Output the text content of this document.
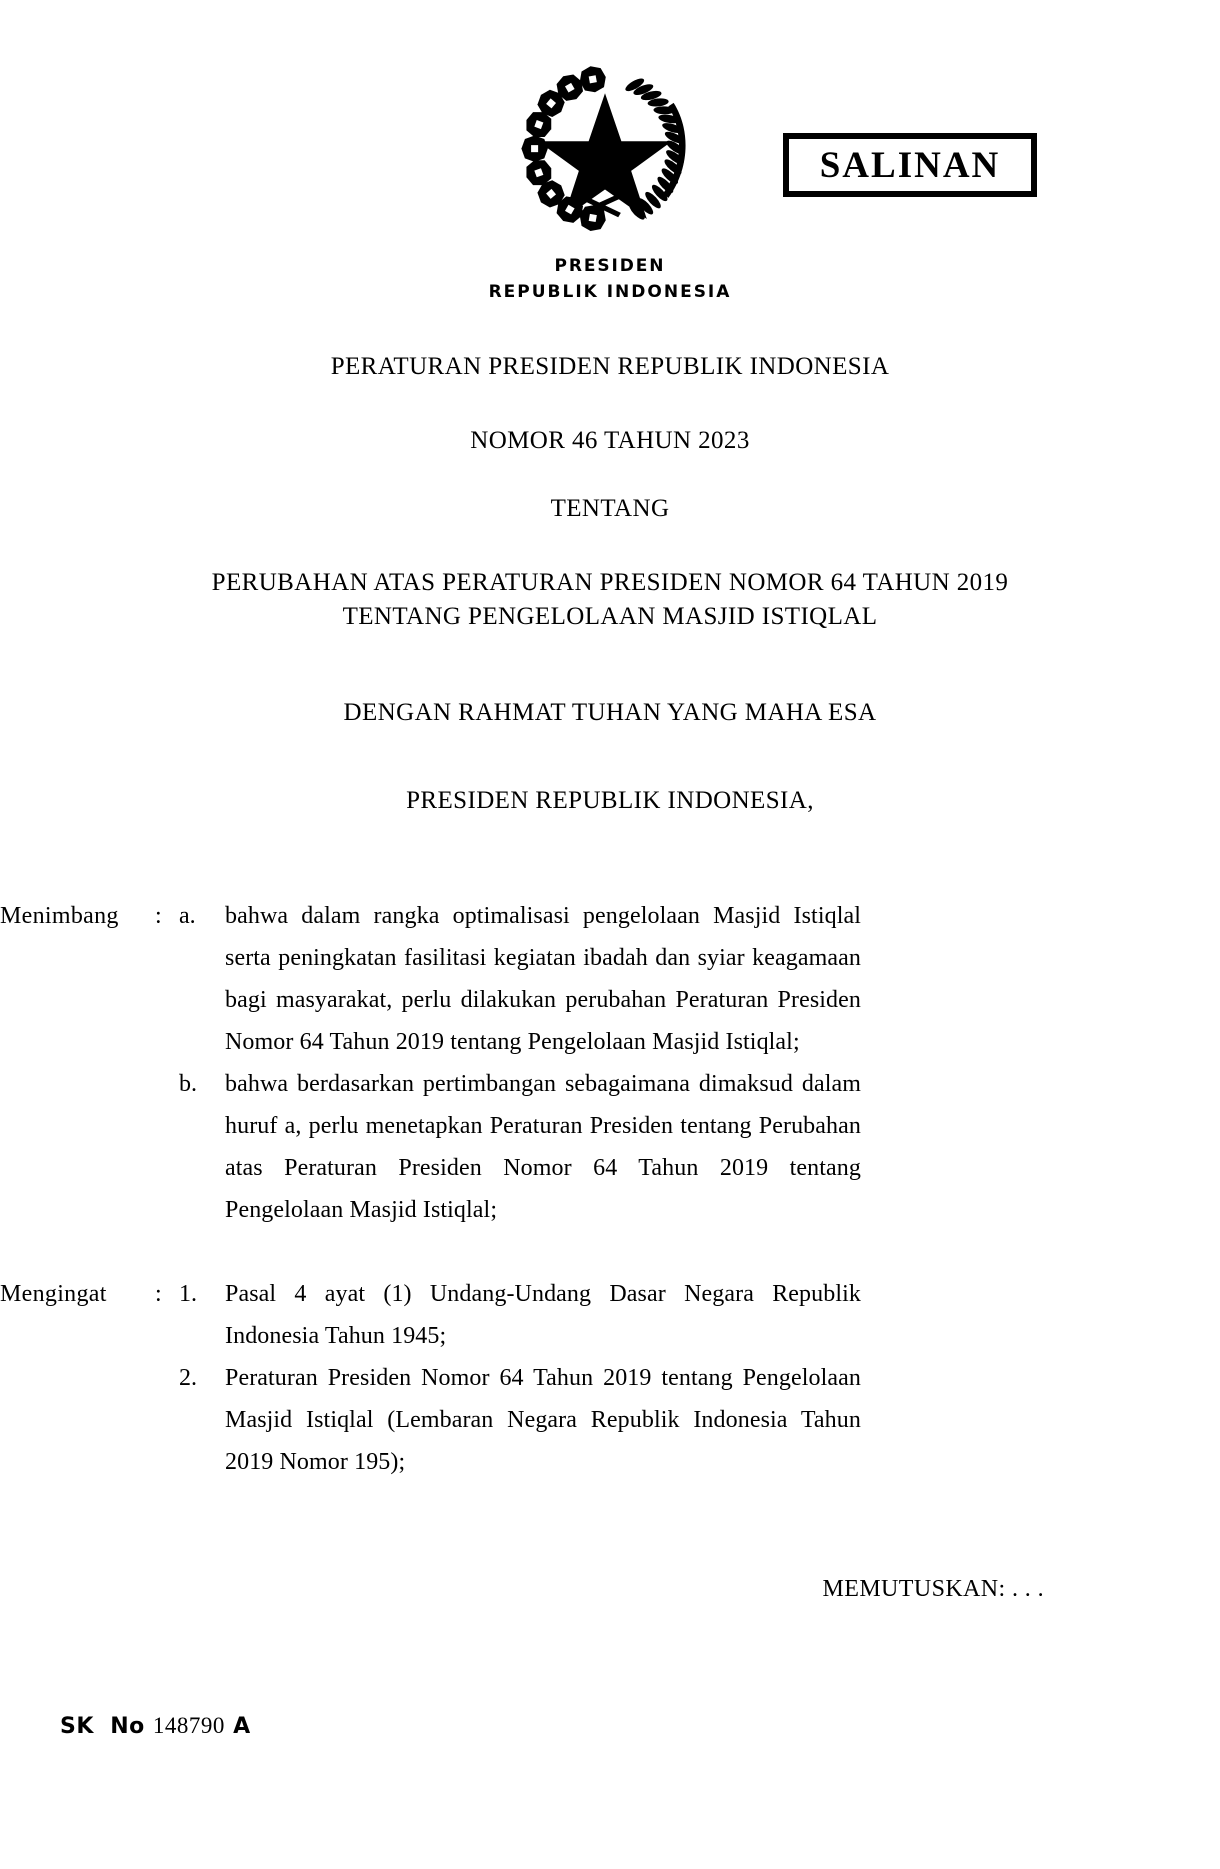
SALINAN
PRESIDEN
REPUBLIK INDONESIA
PERATURAN PRESIDEN REPUBLIK INDONESIA
NOMOR 46 TAHUN 2023
TENTANG
PERUBAHAN ATAS PERATURAN PRESIDEN NOMOR 64 TAHUN 2019
TENTANG PENGELOLAAN MASJID ISTIQLAL
DENGAN RAHMAT TUHAN YANG MAHA ESA
PRESIDEN REPUBLIK INDONESIA,
Menimbang	: a.	bahwa dalam rangka optimalisasi pengelolaan Masjid Istiqlal serta peningkatan fasilitasi kegiatan ibadah dan syiar keagamaan bagi masyarakat, perlu dilakukan perubahan Peraturan Presiden Nomor 64 Tahun 2019 tentang Pengelolaan Masjid Istiqlal;

b.	bahwa berdasarkan pertimbangan sebagaimana dimaksud dalam huruf a, perlu menetapkan Peraturan Presiden tentang Perubahan atas Peraturan Presiden Nomor 64 Tahun 2019 tentang Pengelolaan Masjid Istiqlal;

Mengingat	: 1.	Pasal 4 ayat (1) Undang-Undang Dasar Negara Republik Indonesia Tahun 1945;

2.	Peraturan Presiden Nomor 64 Tahun 2019 tentang Pengelolaan Masjid Istiqlal (Lembaran Negara Republik Indonesia Tahun 2019 Nomor 195);

MEMUTUSKAN: . . .
SK  No 148790 A
